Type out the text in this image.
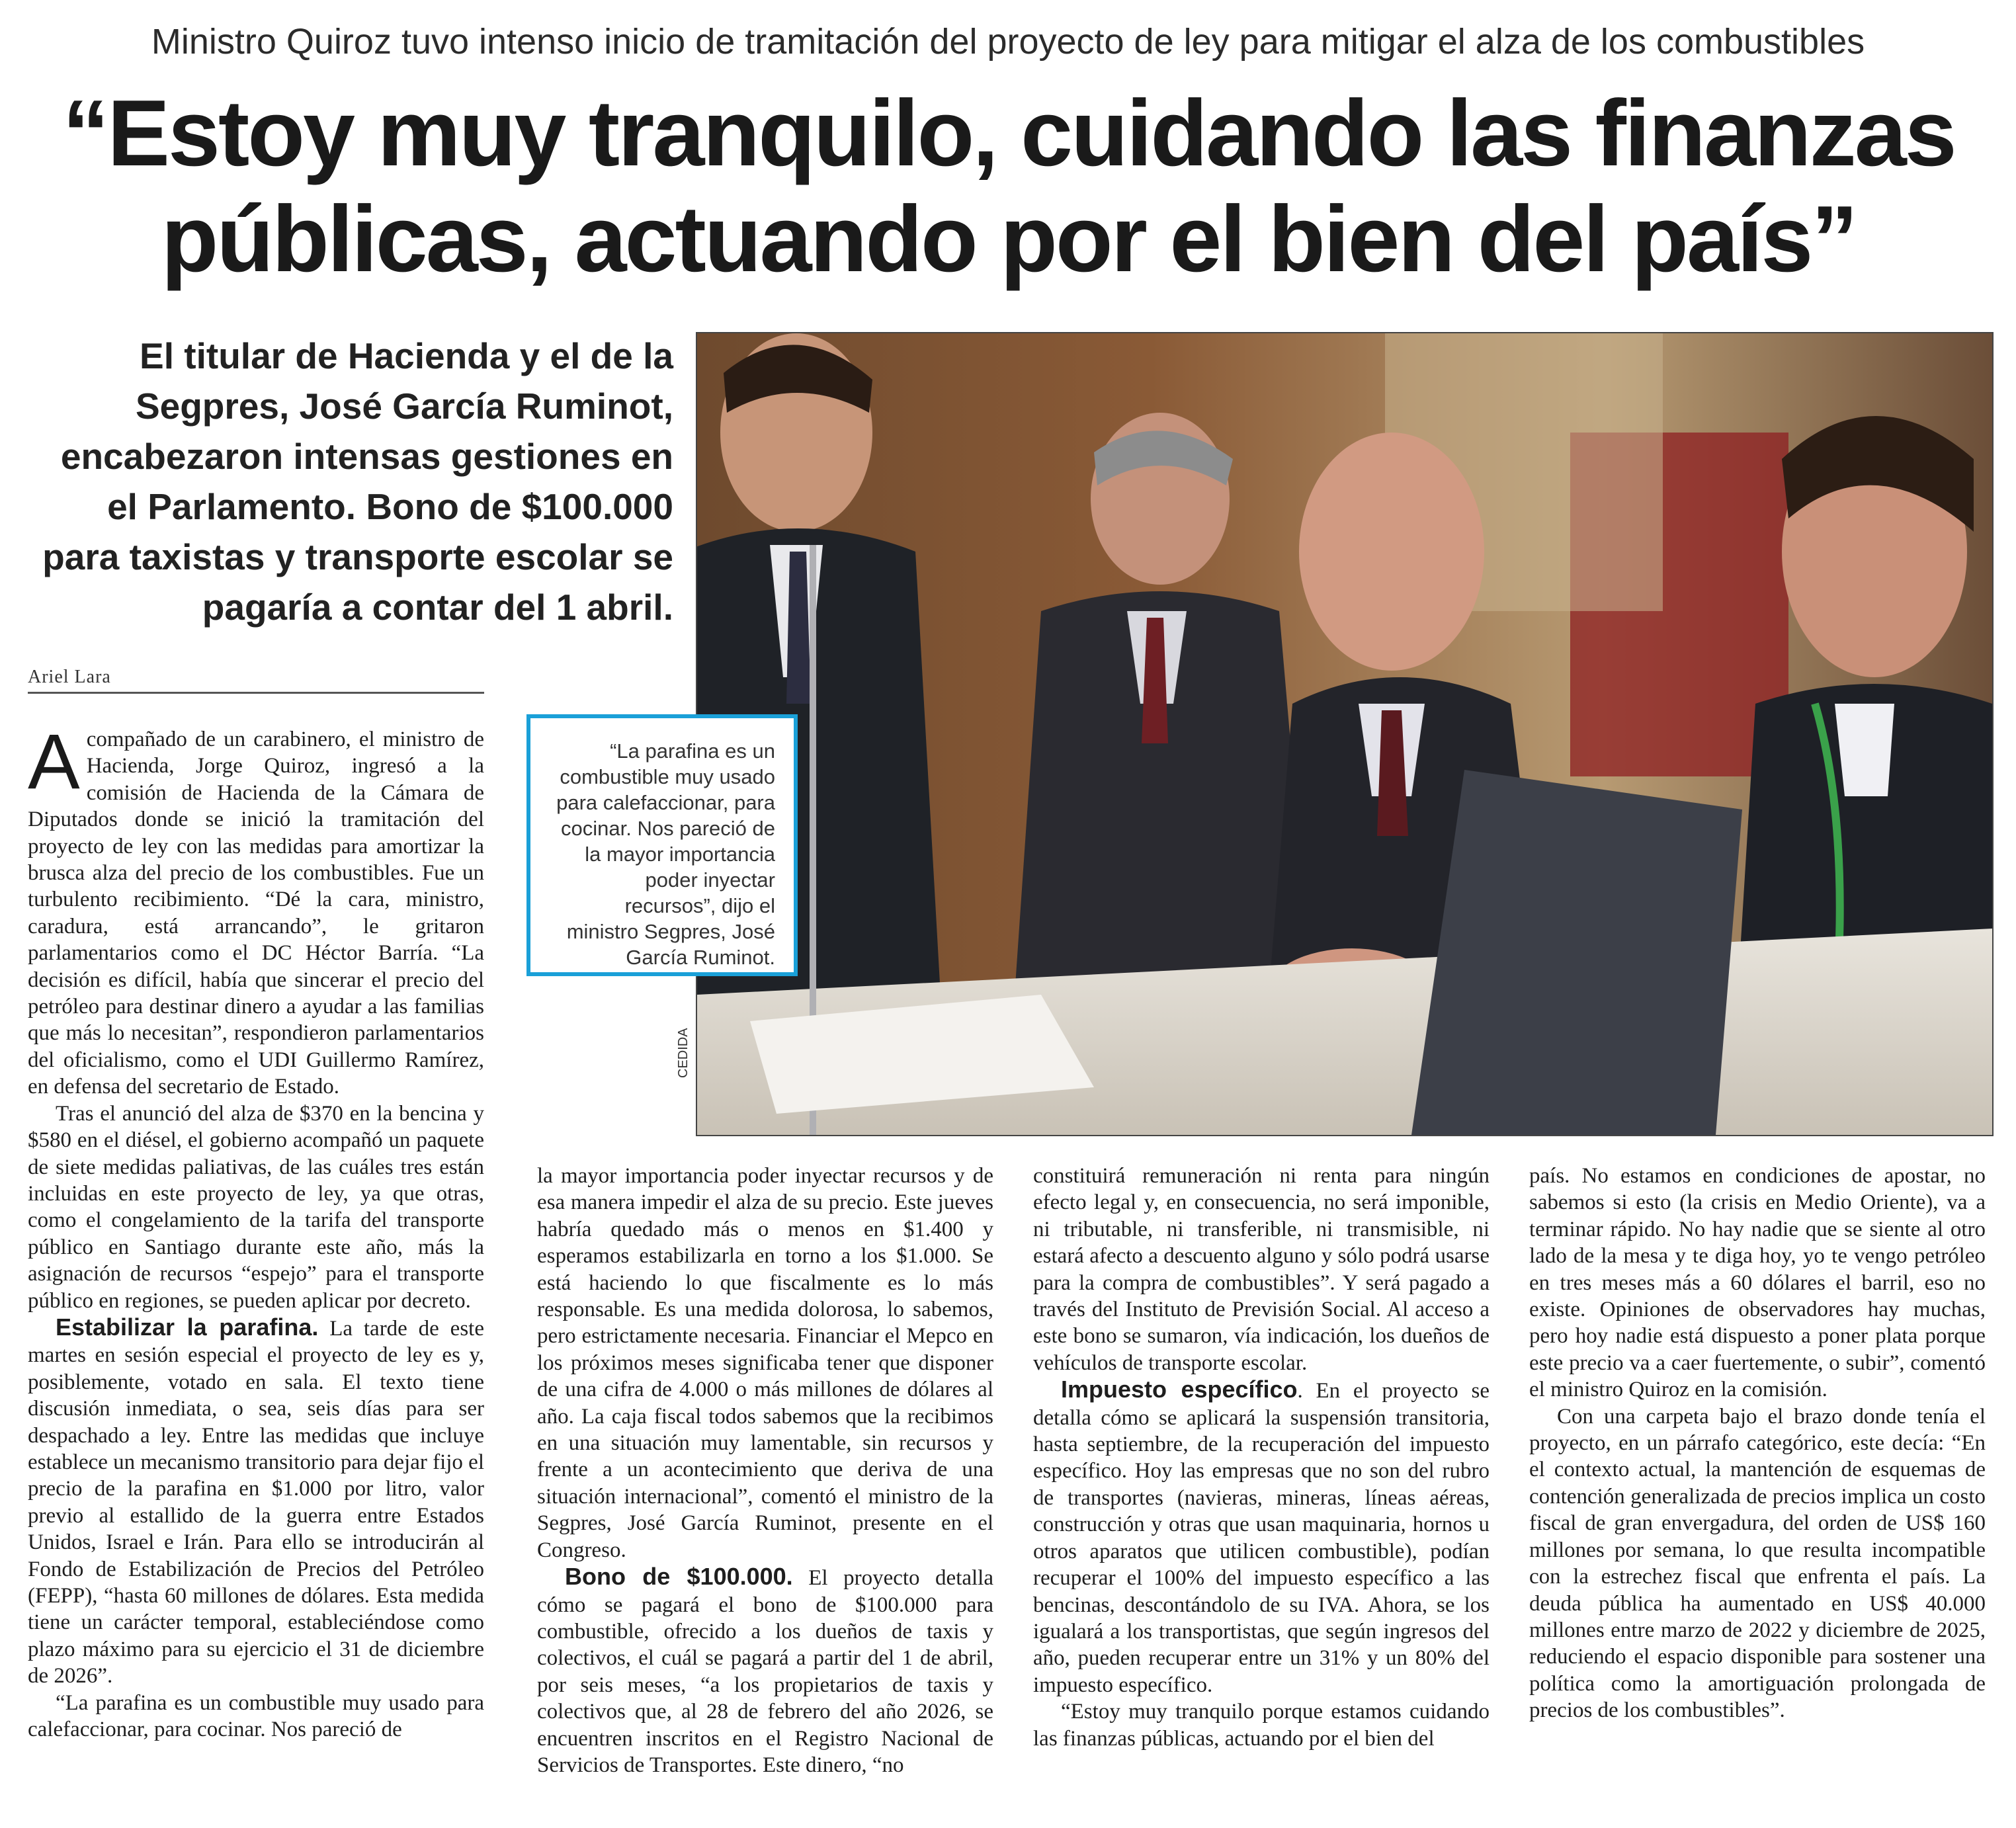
Ministro Quiroz tuvo intenso inicio de tramitación del proyecto de ley para mitigar el alza de los combustibles
“Estoy muy tranquilo, cuidando las finanzas
públicas, actuando por el bien del país”
El titular de Hacienda y el de la Segpres, José García Ruminot, encabezaron intensas gestiones en el Parlamento. Bono de $100.000 para taxistas y transporte escolar se pagaría a contar del 1 abril.
Ariel Lara
CEDIDA
“La parafina es un combustible muy usado para calefaccionar, para cocinar. Nos pareció de la mayor importancia poder inyectar recursos”, dijo el ministro Segpres, José García Ruminot.

Acompañado de un carabinero, el ministro de Hacienda, Jorge Quiroz, ingresó a la comisión de Hacienda de la Cámara de Diputados donde se inició la tramitación del proyecto de ley con las medidas para amortizar la brusca alza del precio de los combustibles. Fue un turbulento recibimiento. “Dé la cara, ministro, caradura, está arrancando”, le gritaron parlamentarios como el DC Héctor Barría. “La decisión es difícil, había que sincerar el precio del petróleo para destinar dinero a ayudar a las familias que más lo necesitan”, respondieron parlamentarios del oficialismo, como el UDI Guillermo Ramírez, en defensa del secretario de Estado.

Tras el anunció del alza de $370 en la bencina y $580 en el diésel, el gobierno acompañó un paquete de siete medidas paliativas, de las cuáles tres están incluidas en este proyecto de ley, ya que otras, como el congelamiento de la tarifa del transporte público en Santiago durante este año, más la asignación de recursos “espejo” para el transporte público en regiones, se pueden aplicar por decreto.

Estabilizar la parafina. La tarde de este martes en sesión especial el proyecto de ley es y, posiblemente, votado en sala. El texto tiene discusión inmediata, o sea, seis días para ser despachado a ley. Entre las medidas que incluye establece un mecanismo transitorio para dejar fijo el precio de la parafina en $1.000 por litro, valor previo al estallido de la guerra entre Estados Unidos, Israel e Irán. Para ello se introducirán al Fondo de Estabilización de Precios del Petróleo (FEPP), “hasta 60 millones de dólares. Esta medida tiene un carácter temporal, estableciéndose como plazo máximo para su ejercicio el 31 de diciembre de 2026”.

“La parafina es un combustible muy usado para calefaccionar, para cocinar. Nos pareció de

la mayor importancia poder inyectar recursos y de esa manera impedir el alza de su precio. Este jueves habría quedado más o menos en $1.400 y esperamos estabilizarla en torno a los $1.000. Se está haciendo lo que fiscalmente es lo más responsable. Es una medida dolorosa, lo sabemos, pero estrictamente necesaria. Financiar el Mepco en los próximos meses significaba tener que disponer de una cifra de 4.000 o más millones de dólares al año. La caja fiscal todos sabemos que la recibimos en una situación muy lamentable, sin recursos y frente a un acontecimiento que deriva de una situación internacional”, comentó el ministro de la Segpres, José García Ruminot, presente en el Congreso.

Bono de $100.000. El proyecto detalla cómo se pagará el bono de $100.000 para combustible, ofrecido a los dueños de taxis y colectivos, el cuál se pagará a partir del 1 de abril, por seis meses, “a los propietarios de taxis y colectivos que, al 28 de febrero del año 2026, se encuentren inscritos en el Registro Nacional de Servicios de Transportes. Este dinero, “no

constituirá remuneración ni renta para ningún efecto legal y, en consecuencia, no será imponible, ni tributable, ni transferible, ni transmisible, ni estará afecto a descuento alguno y sólo podrá usarse para la compra de combustibles”. Y será pagado a través del Instituto de Previsión Social. Al acceso a este bono se sumaron, vía indicación, los dueños de vehículos de transporte escolar.

Impuesto específico. En el proyecto se detalla cómo se aplicará la suspensión transitoria, hasta septiembre, de la recuperación del impuesto específico. Hoy las empresas que no son del rubro de transportes (navieras, mineras, líneas aéreas, construcción y otras que usan maquinaria, hornos u otros aparatos que utilicen combustible), podían recuperar el 100% del impuesto específico a las bencinas, descontándolo de su IVA. Ahora, se los igualará a los transportistas, que según ingresos del año, pueden recuperar entre un 31% y un 80% del impuesto específico.

“Estoy muy tranquilo porque estamos cuidando las finanzas públicas, actuando por el bien del

país. No estamos en condiciones de apostar, no sabemos si esto (la crisis en Medio Oriente), va a terminar rápido. No hay nadie que se siente al otro lado de la mesa y te diga hoy, yo te vengo petróleo en tres meses más a 60 dólares el barril, eso no existe. Opiniones de observadores hay muchas, pero hoy nadie está dispuesto a poner plata porque este precio va a caer fuertemente, o subir”, comentó el ministro Quiroz en la comisión.

Con una carpeta bajo el brazo donde tenía el proyecto, en un párrafo categórico, este decía: “En el contexto actual, la mantención de esquemas de contención generalizada de precios implica un costo fiscal de gran envergadura, del orden de US$ 160 millones por semana, lo que resulta incompatible con la estrechez fiscal que enfrenta el país. La deuda pública ha aumentado en US$ 40.000 millones entre marzo de 2022 y diciembre de 2025, reduciendo el espacio disponible para sostener una política como la amortiguación prolongada de precios de los combustibles”.
